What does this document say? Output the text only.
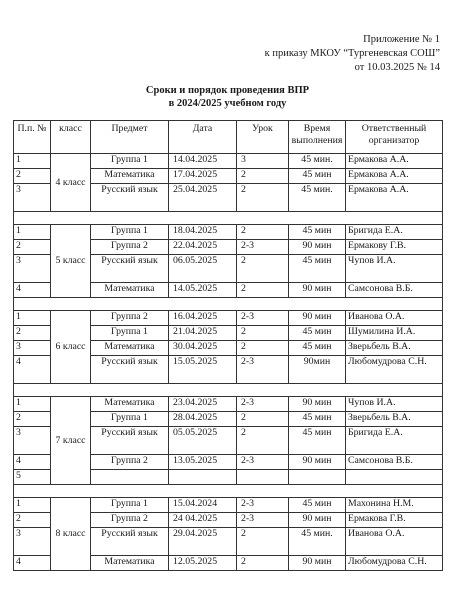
Приложение № 1
к приказу МКОУ “Тургеневская СОШ”
от 10.03.2025 № 14
Сроки и порядок проведения ВПР
в 2024/2025 учебном году
П.п. №	класс	Предмет	Дата	Урок	Время выполнения	Ответственный организатор
1	4 класс	Группа 1	14.04.2025	3	45 мин.	Ермакова А.А.
2		Математика	17.04.2025	2	45 мин	Ермакова А.А.
3		Русский язык	25.04.2025	2	45 мин.	Ермакова А.А.

1	5 класс	Группа 1	18.04.2025	2	45 мин	Бригида Е.А.
2		Группа 2	22.04.2025	2-3	90 мин	Ермакову Г.В.
3		Русский язык	06.05.2025	2	45 мин	Чупов И.А.
4		Математика	14.05.2025	2	90 мин	Самсонова В.Б.

1	6 класс	Группа 2	16.04.2025	2-3	90 мин	Иванова О.А.
2		Группа 1	21.04.2025	2	45 мин	Шумилина И.А.
3		Математика	30.04.2025	2	45 мин	Зверьбель В.А.
4		Русский язык	15.05.2025	2-3	90мин	Любомудрова С.Н.

1	7 класс	Математика	23.04.2025	2-3	90 мин	Чупов И.А.
2		Группа 1	28.04.2025	2	45 мин	Зверьбель В.А.
3		Русский язык	05.05.2025	2	45 мин	Бригида Е.А.
4		Группа 2	13.05.2025	2-3	90 мин	Самсонова В.Б.
5						

1	8 класс	Группа 1	15.04.2024	2-3	45 мин	Махонина Н.М.
2		Группа 2	24 04.2025	2-3	90 мин	Ермакова Г.В.
3		Русский язык	29.04.2025	2	45 мин.	Иванова О.А.
4		Математика	12.05.2025	2	90 мин	Любомудрова С.Н.
